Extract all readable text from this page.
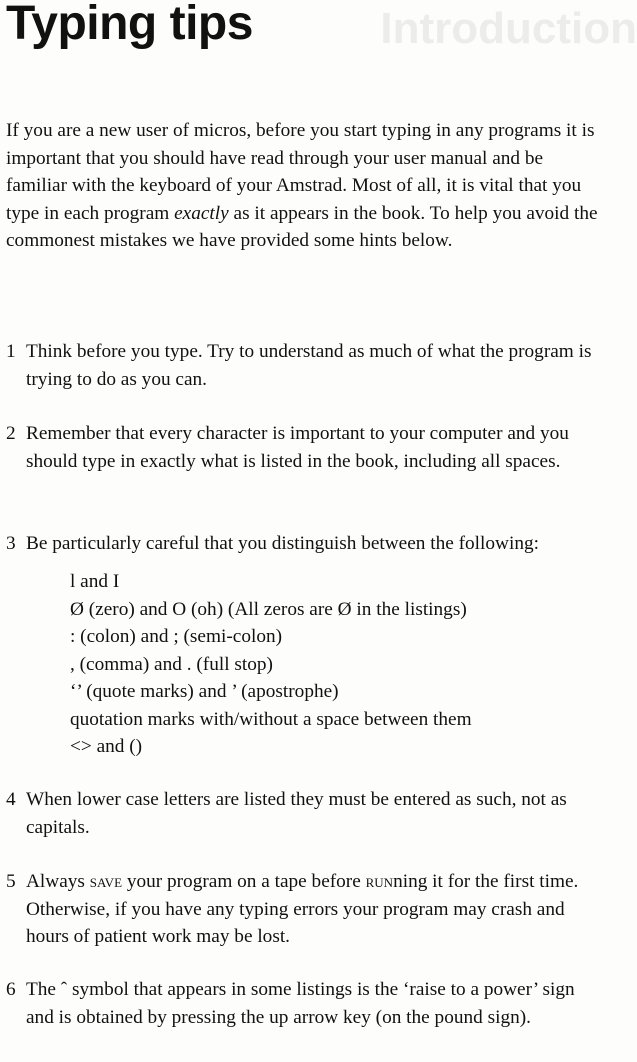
Introduction
Typing tips

If you are a new user of micros, before you start typing in any programs it is important that you should have read through your user manual and be familiar with the keyboard of your Amstrad. Most of all, it is vital that you type in each program exactly as it appears in the book. To help you avoid the commonest mistakes we have provided some hints below.

1 Think before you type. Try to understand as much of what the program is trying to do as you can.
2 Remember that every character is important to your computer and you should type in exactly what is listed in the book, including all spaces.
3 Be particularly careful that you distinguish between the following:
l and I
Ø (zero) and O (oh) (All zeros are Ø in the listings)
: (colon) and ; (semi-colon)
, (comma) and . (full stop)
‘’ (quote marks) and ’ (apostrophe)
quotation marks with/without a space between them
<> and ()
4 When lower case letters are listed they must be entered as such, not as capitals.
5 Always save your program on a tape before running it for the first time. Otherwise, if you have any typing errors your program may crash and hours of patient work may be lost.
6 The ˆ symbol that appears in some listings is the ‘raise to a power’ sign and is obtained by pressing the up arrow key (on the pound sign).
